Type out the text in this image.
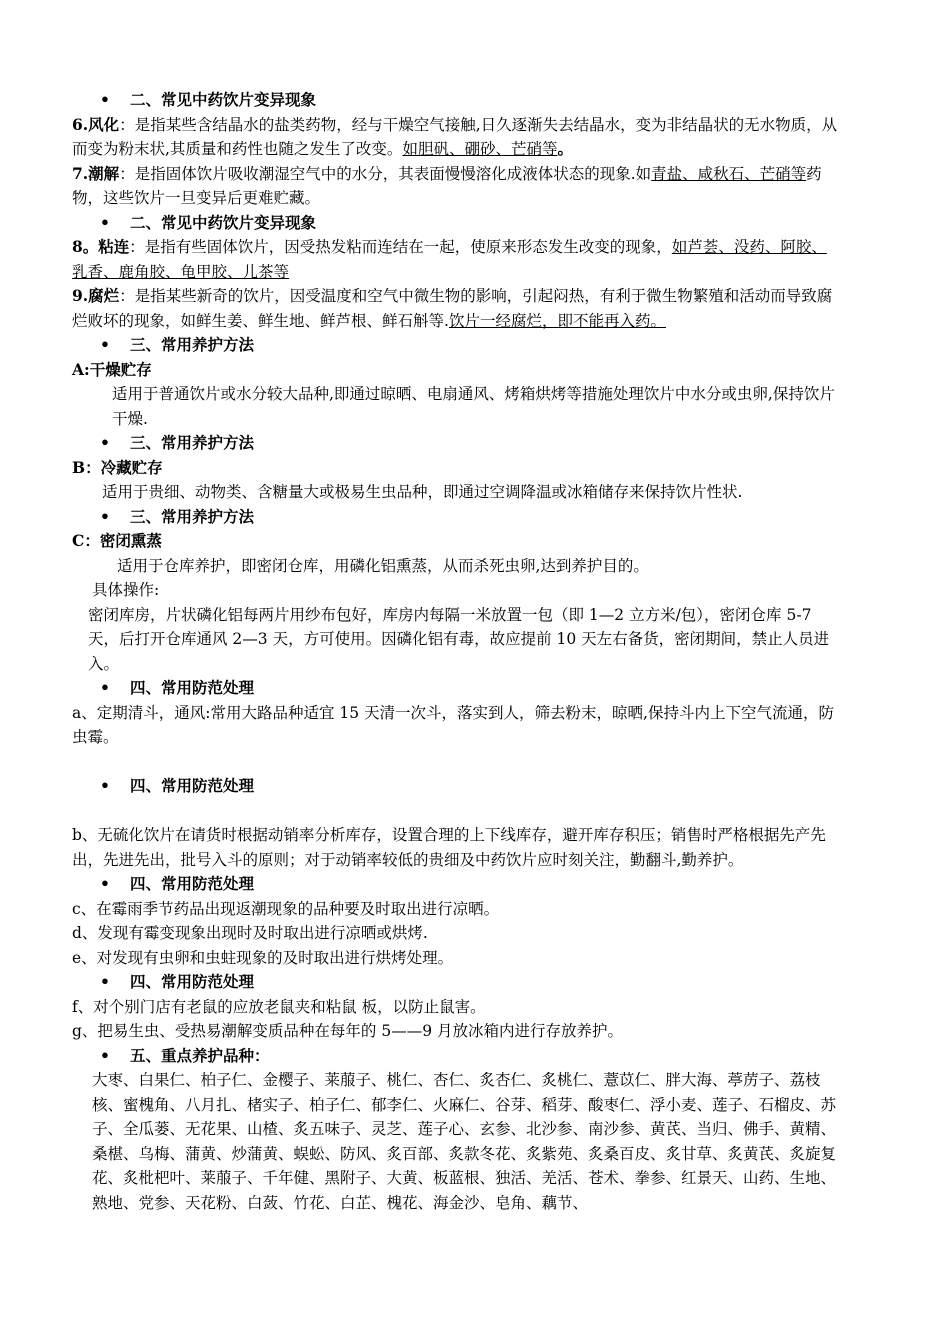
• 二、常见中药饮片变异现象

6.风化：是指某些含结晶水的盐类药物，经与干燥空气接触,日久逐渐失去结晶水，变为非结晶状的无水物质，从而变为粉末状,其质量和药性也随之发生了改变。如胆矾、硼砂、芒硝等。

7.潮解：是指固体饮片吸收潮湿空气中的水分，其表面慢慢溶化成液体状态的现象.如青盐、咸秋石、芒硝等药物，这些饮片一旦变异后更难贮藏。

• 二、常见中药饮片变异现象

8。粘连：是指有些固体饮片，因受热发粘而连结在一起，使原来形态发生改变的现象，如芦荟、没药、阿胶、乳香、鹿角胶、龟甲胶、儿茶等

9.腐烂：是指某些新奇的饮片，因受温度和空气中微生物的影响，引起闷热，有利于微生物繁殖和活动而导致腐烂败坏的现象，如鲜生姜、鲜生地、鲜芦根、鲜石斛等.饮片一经腐烂，即不能再入药。

• 三、常用养护方法

A:干燥贮存

适用于普通饮片或水分较大品种,即通过晾晒、电扇通风、烤箱烘烤等措施处理饮片中水分或虫卵,保持饮片干燥.

• 三、常用养护方法

B：冷藏贮存

适用于贵细、动物类、含糖量大或极易生虫品种，即通过空调降温或冰箱储存来保持饮片性状.

• 三、常用养护方法

C：密闭熏蒸

适用于仓库养护，即密闭仓库，用磷化铝熏蒸，从而杀死虫卵,达到养护目的。

具体操作:

密闭库房，片状磷化铝每两片用纱布包好，库房内每隔一米放置一包（即 1—2 立方米/包），密闭仓库 5-7 天，后打开仓库通风 2—3 天，方可使用。因磷化铝有毒，故应提前 10 天左右备货，密闭期间，禁止人员进入。

• 四、常用防范处理

a、定期清斗，通风:常用大路品种适宜 15 天清一次斗，落实到人，筛去粉末，晾晒,保持斗内上下空气流通，防虫霉。

• 四、常用防范处理

b、无硫化饮片在请货时根据动销率分析库存，设置合理的上下线库存，避开库存积压；销售时严格根据先产先出，先进先出，批号入斗的原则；对于动销率较低的贵细及中药饮片应时刻关注，勤翻斗,勤养护。

• 四、常用防范处理

c、在霉雨季节药品出现返潮现象的品种要及时取出进行凉晒。

d、发现有霉变现象出现时及时取出进行凉晒或烘烤.

e、对发现有虫卵和虫蛀现象的及时取出进行烘烤处理。

• 四、常用防范处理

f、对个别门店有老鼠的应放老鼠夹和粘鼠 板，以防止鼠害。

g、把易生虫、受热易潮解变质品种在每年的 5——9 月放冰箱内进行存放养护。

• 五、重点养护品种：

大枣、白果仁、柏子仁、金樱子、莱菔子、桃仁、杏仁、炙杏仁、炙桃仁、薏苡仁、胖大海、葶苈子、荔枝核、蜜槐角、八月扎、楮实子、柏子仁、郁李仁、火麻仁、谷芽、稻芽、酸枣仁、浮小麦、莲子、石榴皮、苏子、全瓜蒌、无花果、山楂、炙五味子、灵芝、莲子心、玄参、北沙参、南沙参、黄芪、当归、佛手、黄精、桑椹、乌梅、蒲黄、炒蒲黄、蜈蚣、防风、炙百部、炙款冬花、炙紫苑、炙桑百皮、炙甘草、炙黄芪、炙旋复花、炙枇杷叶、莱菔子、千年健、黑附子、大黄、板蓝根、独活、羌活、苍术、拳参、红景天、山药、生地、熟地、党参、天花粉、白蔹、竹花、白芷、槐花、海金沙、皂角、藕节、
